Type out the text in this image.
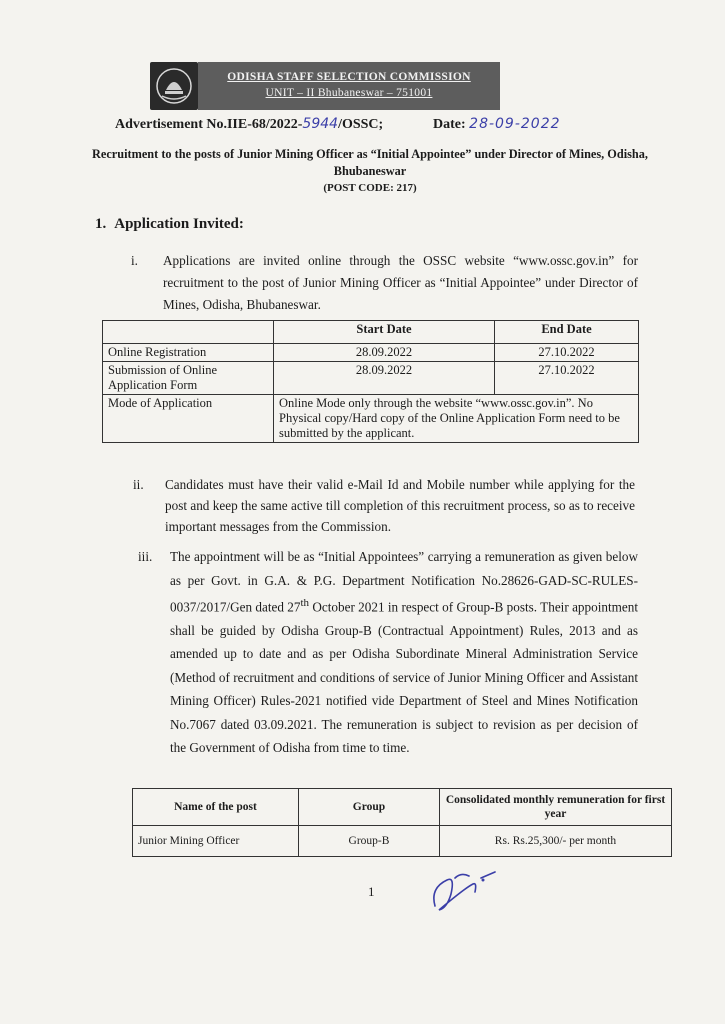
ODISHA STAFF SELECTION COMMISSION
UNIT – II Bhubaneswar – 751001
Advertisement No.IIE-68/2022-5944/OSSC;	Date: 28-09-2022
Recruitment to the posts of Junior Mining Officer as “Initial Appointee” under Director of Mines, Odisha,
Bhubaneswar
(POST CODE: 217)
1. Application Invited:
i. Applications are invited online through the OSSC website “www.ossc.gov.in” for recruitment to the post of Junior Mining Officer as “Initial Appointee” under Director of Mines, Odisha, Bhubaneswar.
	Start Date	End Date
Online Registration	28.09.2022	27.10.2022
Submission of Online Application Form	28.09.2022	27.10.2022
Mode of Application	Online Mode only through the website “www.ossc.gov.in”. No Physical copy/Hard copy of the Online Application Form need to be submitted by the applicant.	
ii. Candidates must have their valid e-Mail Id and Mobile number while applying for the post and keep the same active till completion of this recruitment process, so as to receive important messages from the Commission.
iii. The appointment will be as “Initial Appointees” carrying a remuneration as given below as per Govt. in G.A. & P.G. Department Notification No.28626-GAD-SC-RULES-0037/2017/Gen dated 27th October 2021 in respect of Group-B posts. Their appointment shall be guided by Odisha Group-B (Contractual Appointment) Rules, 2013 and as amended up to date and as per Odisha Subordinate Mineral Administration Service (Method of recruitment and conditions of service of Junior Mining Officer and Assistant Mining Officer) Rules-2021 notified vide Department of Steel and Mines Notification No.7067 dated 03.09.2021. The remuneration is subject to revision as per decision of the Government of Odisha from time to time.
Name of the post	Group	Consolidated monthly remuneration for first year
Junior Mining Officer	Group-B	Rs. Rs.25,300/- per month
1
